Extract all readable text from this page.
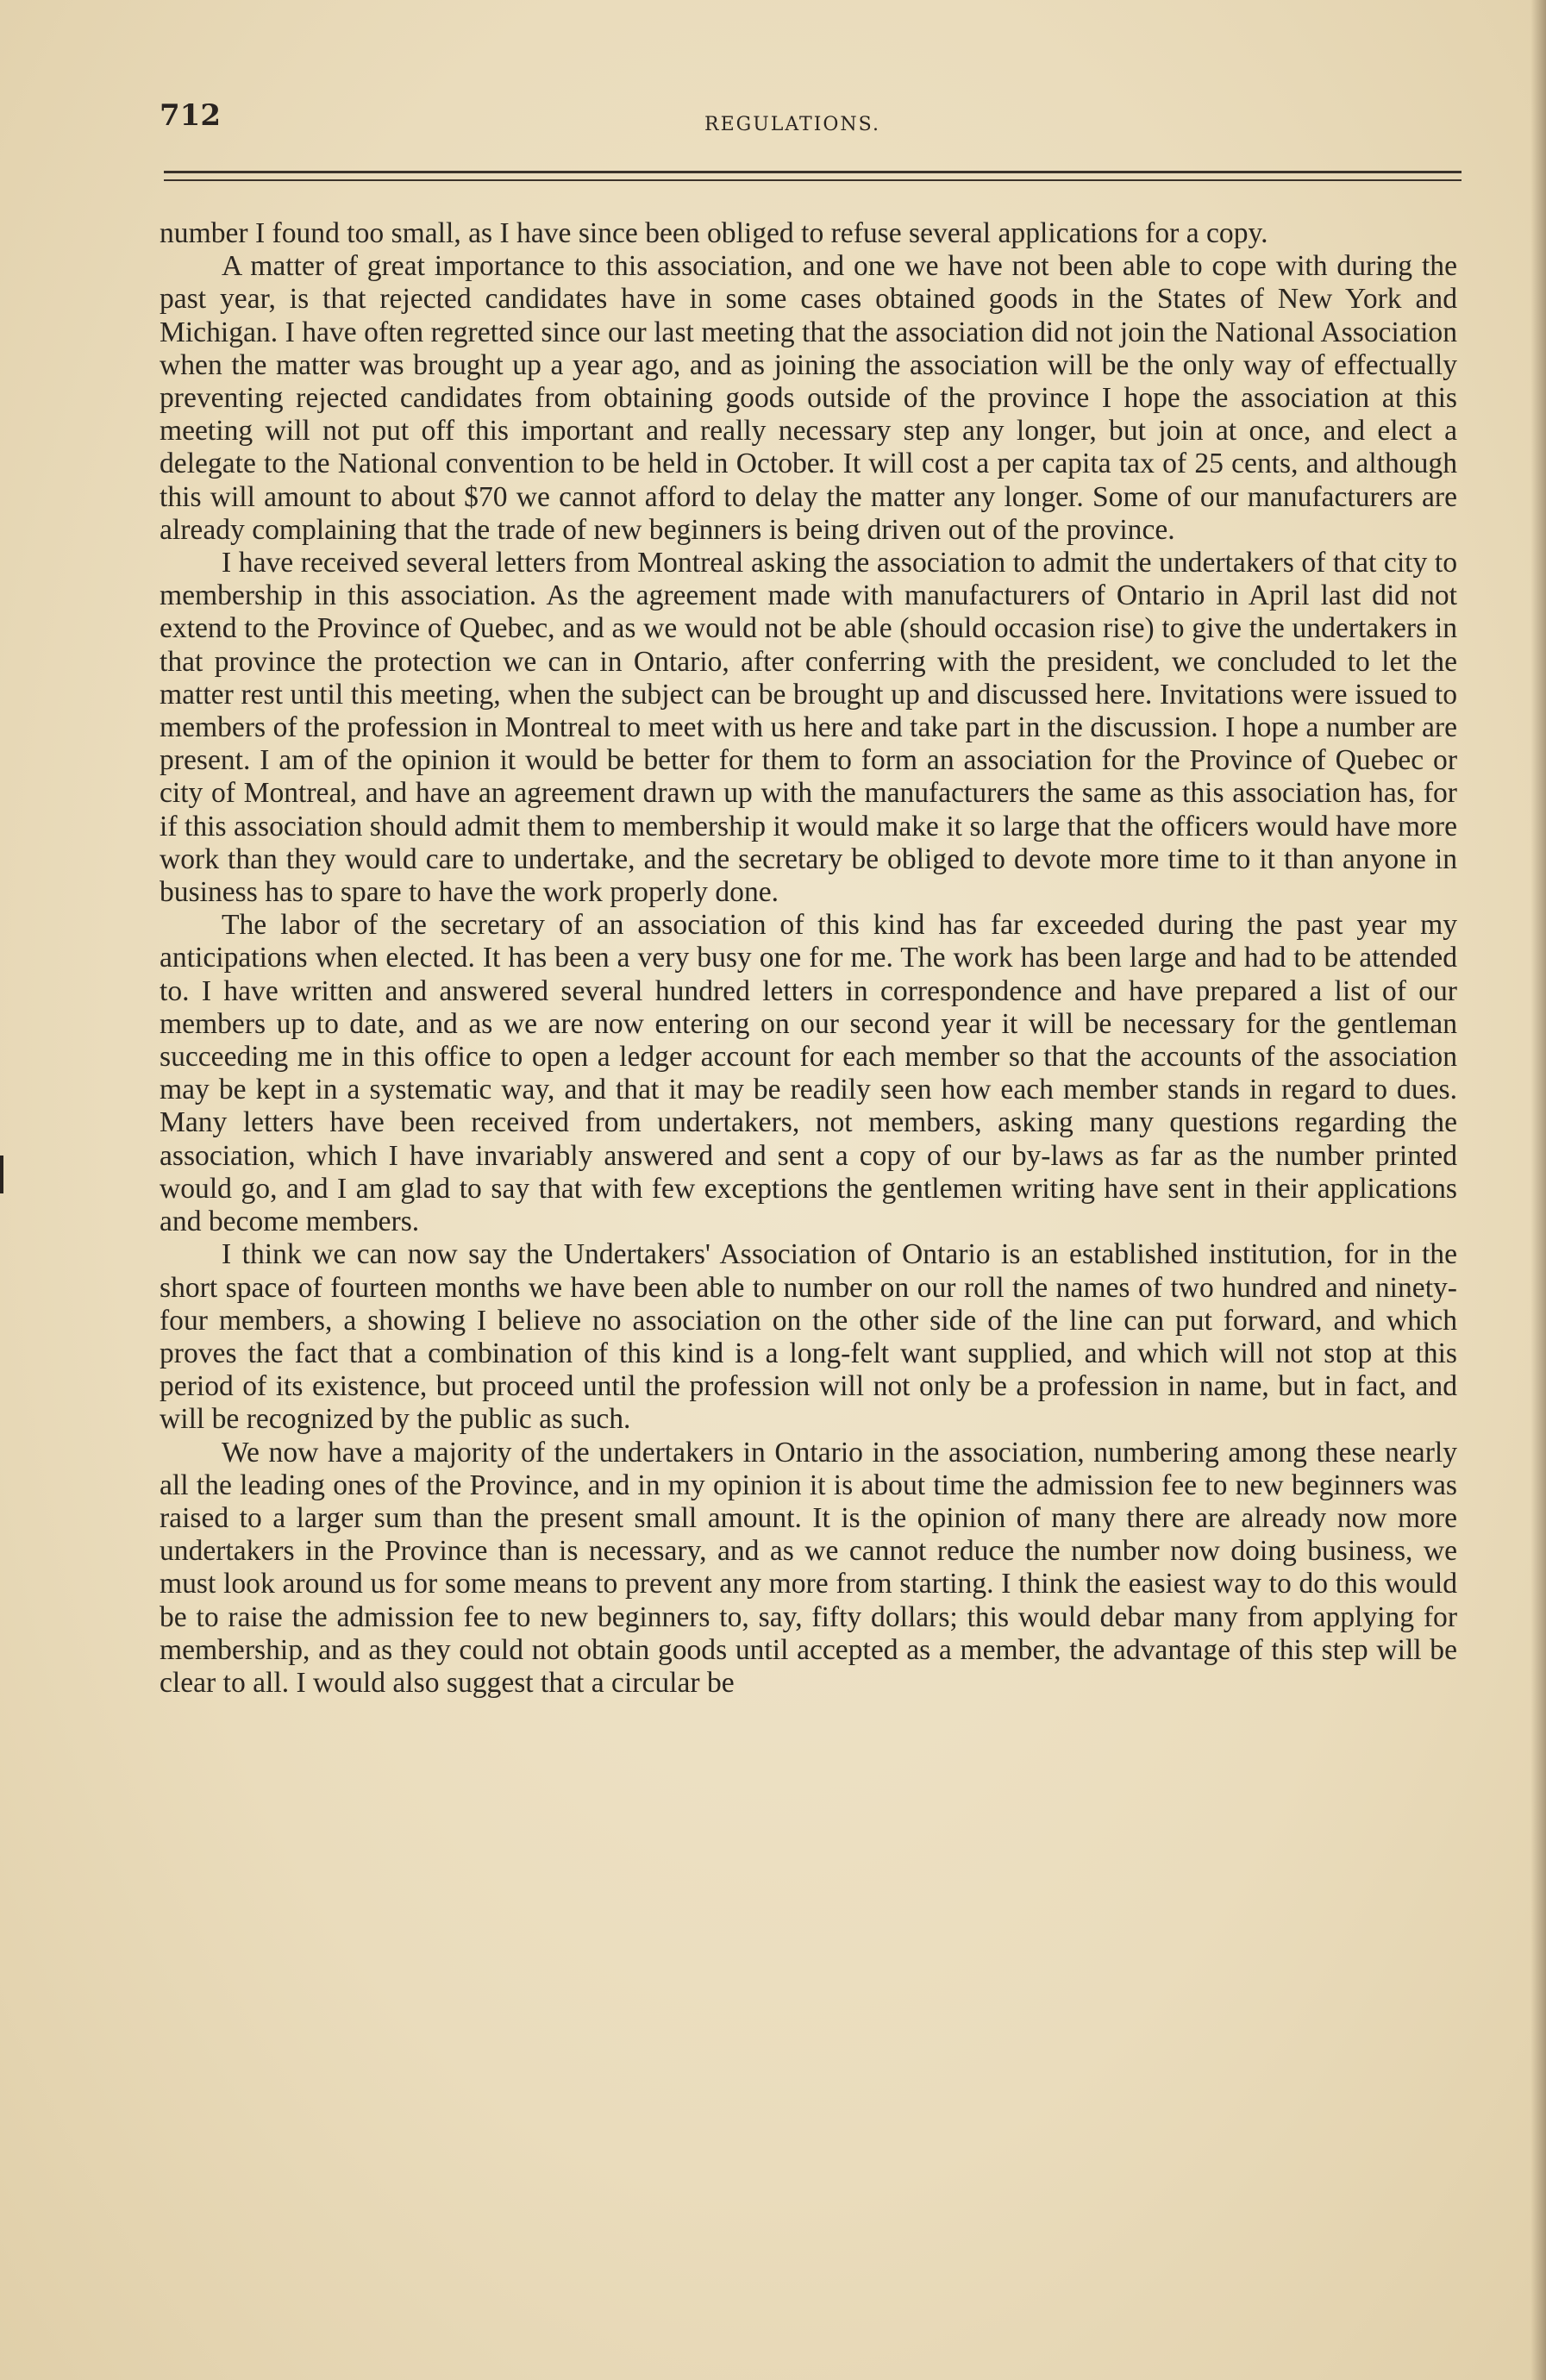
712	REGULATIONS.

number I found too small, as I have since been obliged to refuse several applications for a copy.

A matter of great importance to this association, and one we have not been able to cope with during the past year, is that rejected candidates have in some cases obtained goods in the States of New York and Michigan. I have often regretted since our last meeting that the association did not join the National Association when the matter was brought up a year ago, and as joining the association will be the only way of effectually preventing rejected candidates from obtaining goods outside of the province I hope the association at this meeting will not put off this important and really necessary step any longer, but join at once, and elect a delegate to the National convention to be held in October. It will cost a per capita tax of 25 cents, and although this will amount to about $70 we cannot afford to delay the matter any longer. Some of our manufacturers are already complaining that the trade of new beginners is being driven out of the province.

I have received several letters from Montreal asking the association to admit the undertakers of that city to membership in this association. As the agreement made with manufacturers of Ontario in April last did not extend to the Province of Quebec, and as we would not be able (should occasion rise) to give the undertakers in that province the protection we can in Ontario, after conferring with the president, we concluded to let the matter rest until this meeting, when the subject can be brought up and discussed here. Invitations were issued to members of the profession in Montreal to meet with us here and take part in the discussion. I hope a number are present. I am of the opinion it would be better for them to form an association for the Province of Quebec or city of Montreal, and have an agreement drawn up with the manufacturers the same as this association has, for if this association should admit them to membership it would make it so large that the officers would have more work than they would care to undertake, and the secretary be obliged to devote more time to it than anyone in business has to spare to have the work properly done.

The labor of the secretary of an association of this kind has far exceeded during the past year my anticipations when elected. It has been a very busy one for me. The work has been large and had to be attended to. I have written and answered several hundred letters in correspondence and have prepared a list of our members up to date, and as we are now entering on our second year it will be necessary for the gentleman succeeding me in this office to open a ledger account for each member so that the accounts of the association may be kept in a systematic way, and that it may be readily seen how each member stands in regard to dues. Many letters have been received from undertakers, not members, asking many questions regarding the association, which I have invariably answered and sent a copy of our by-laws as far as the number printed would go, and I am glad to say that with few exceptions the gentlemen writing have sent in their applications and become members.

I think we can now say the Undertakers' Association of Ontario is an established institution, for in the short space of fourteen months we have been able to number on our roll the names of two hundred and ninety-four members, a showing I believe no association on the other side of the line can put forward, and which proves the fact that a combination of this kind is a long-felt want supplied, and which will not stop at this period of its existence, but proceed until the profession will not only be a profession in name, but in fact, and will be recognized by the public as such.

We now have a majority of the undertakers in Ontario in the association, numbering among these nearly all the leading ones of the Province, and in my opinion it is about time the admission fee to new beginners was raised to a larger sum than the present small amount. It is the opinion of many there are already now more undertakers in the Province than is necessary, and as we cannot reduce the number now doing business, we must look around us for some means to prevent any more from starting. I think the easiest way to do this would be to raise the admission fee to new beginners to, say, fifty dollars; this would debar many from applying for membership, and as they could not obtain goods until accepted as a member, the advantage of this step will be clear to all. I would also suggest that a circular be
